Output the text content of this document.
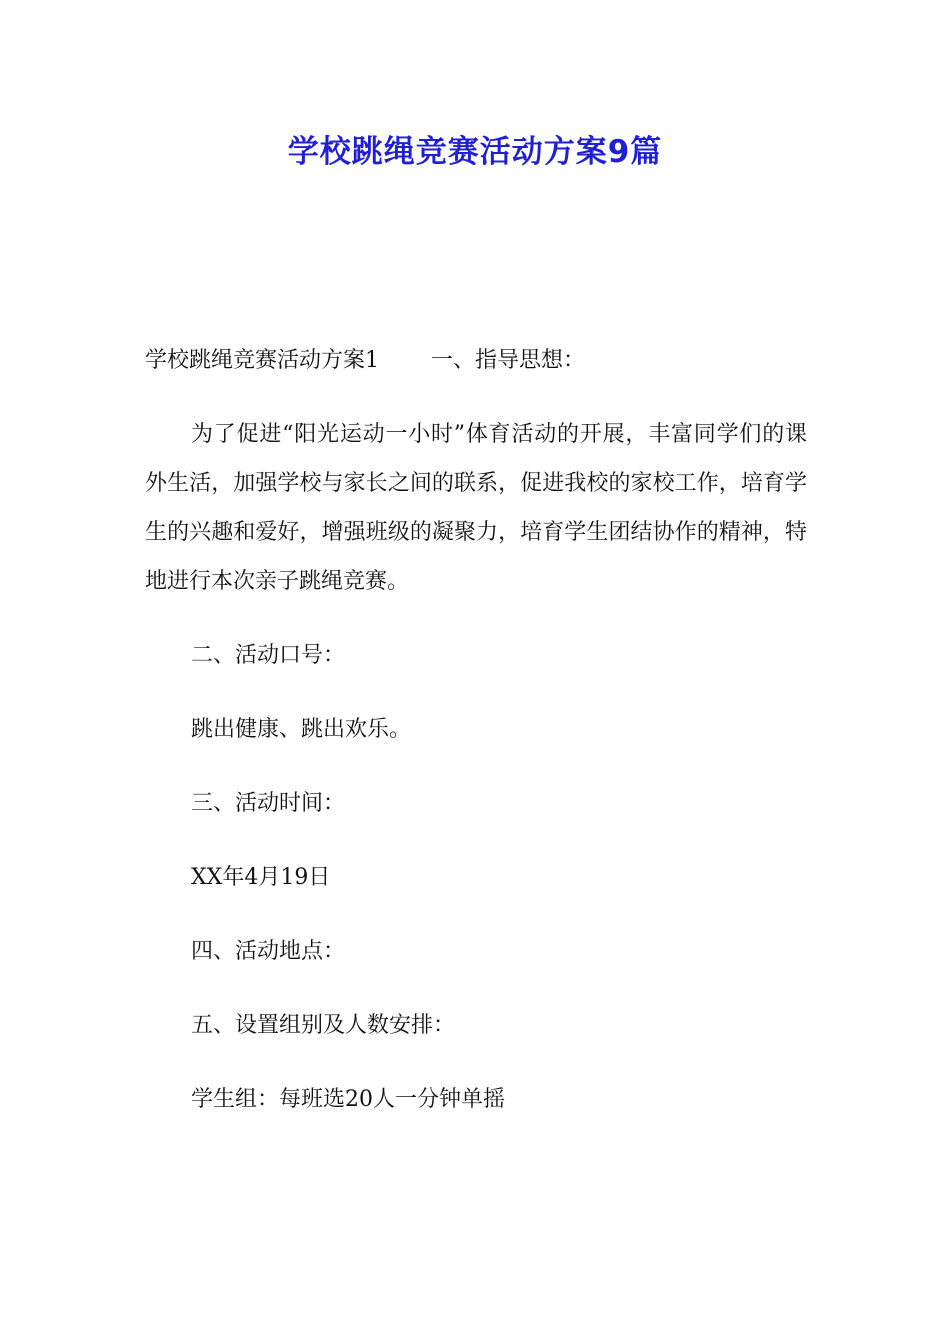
学校跳绳竞赛活动方案9篇

学校跳绳竞赛活动方案1 一、指导思想：

为了促进“阳光运动一小时”体育活动的开展，丰富同学们的课外生活，加强学校与家长之间的联系，促进我校的家校工作，培育学生的兴趣和爱好，增强班级的凝聚力，培育学生团结协作的精神，特地进行本次亲子跳绳竞赛。

二、活动口号：

跳出健康、跳出欢乐。

三、活动时间：

XX年4月19日

四、活动地点：

五、设置组别及人数安排：

学生组：每班选20人一分钟单摇
